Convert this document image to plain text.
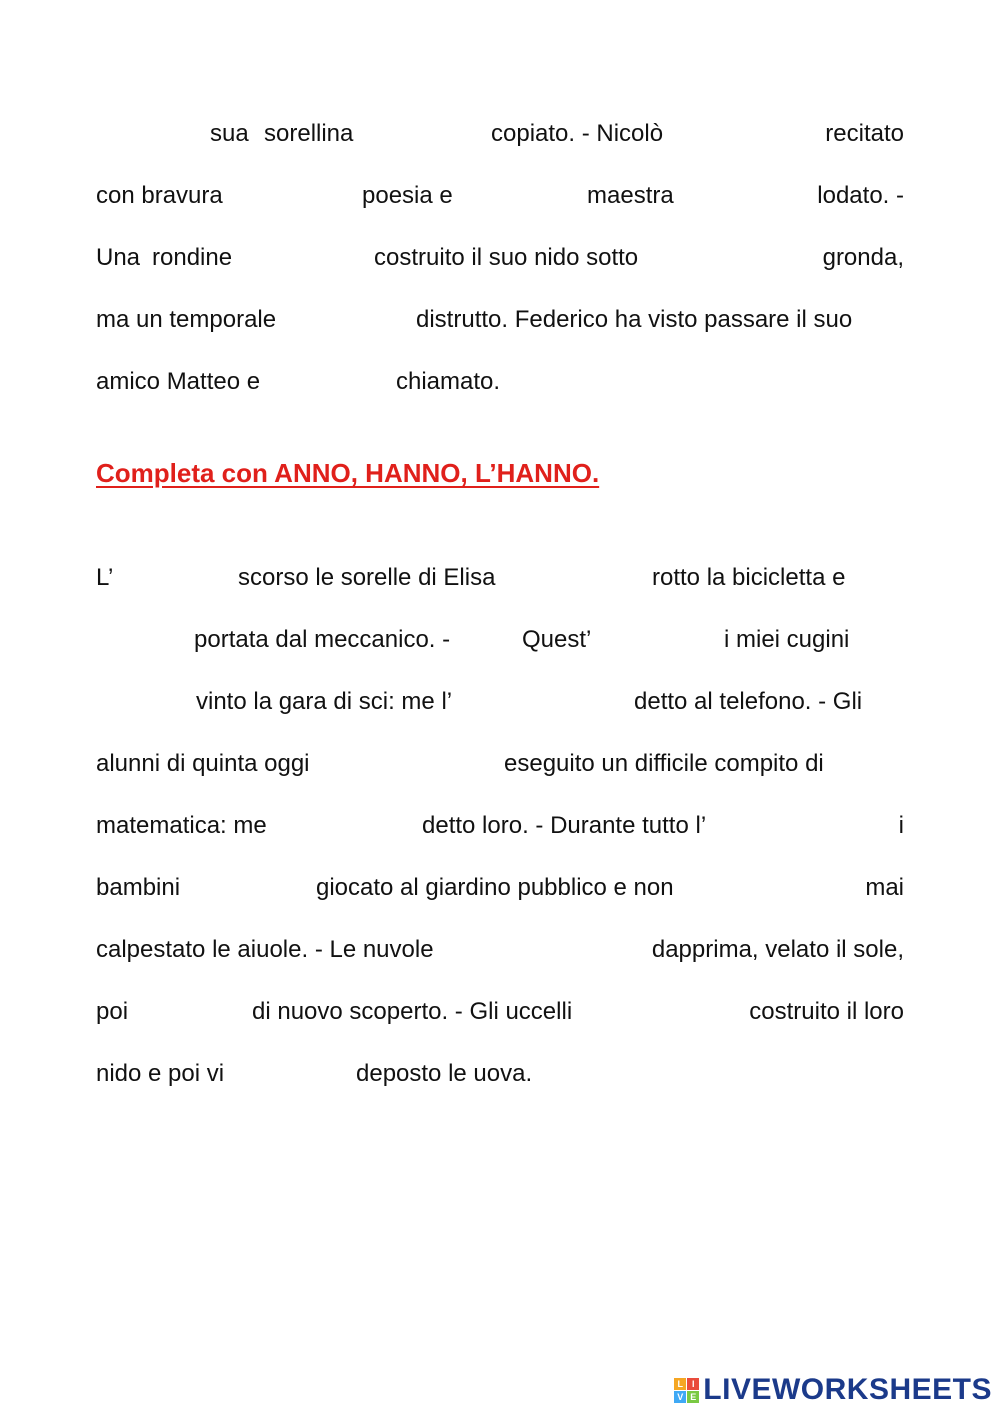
sua sorellina	copiato. - Nicolò	recitato
con bravura	poesia e	maestra	lodato. -
Una rondine	costruito il suo nido sotto	gronda,
ma un temporale	distrutto. Federico ha visto passare il suo
amico Matteo e	chiamato.
Completa con ANNO, HANNO, L’HANNO.
L’	scorso le sorelle di Elisa	rotto la bicicletta e
portata dal meccanico. -	Quest’	i miei cugini
vinto la gara di sci: me l’	detto al telefono. - Gli
alunni di quinta oggi	eseguito un difficile compito di
matematica: me	detto loro. - Durante tutto l’	i
bambini	giocato al giardino pubblico e non	mai
calpestato le aiuole. - Le nuvole	dapprima, velato il sole,
poi	di nuovo scoperto. - Gli uccelli	costruito il loro
nido e poi vi	deposto le uova.
L I
V E LIVEWORKSHEETS
